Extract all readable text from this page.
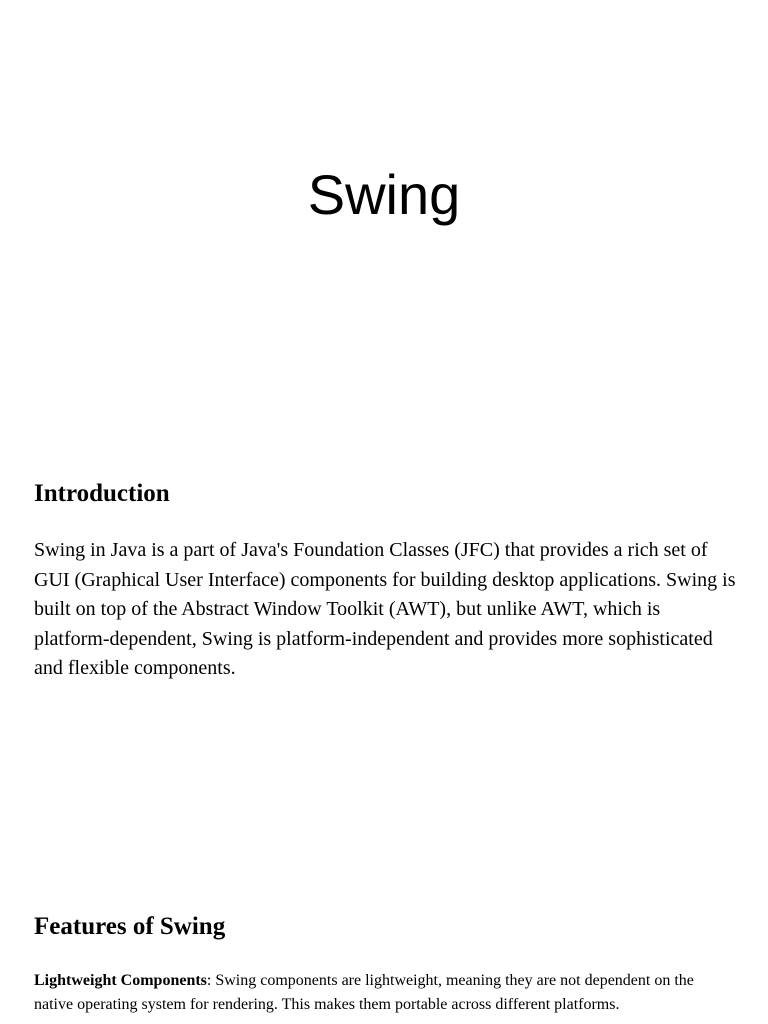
Swing
Introduction

Swing in Java is a part of Java's Foundation Classes (JFC) that provides a rich set of GUI (Graphical User Interface) components for building desktop applications. Swing is built on top of the Abstract Window Toolkit (AWT), but unlike AWT, which is platform-dependent, Swing is platform-independent and provides more sophisticated and flexible components.

Features of Swing

Lightweight Components: Swing components are lightweight, meaning they are not dependent on the native operating system for rendering. This makes them portable across different platforms.
